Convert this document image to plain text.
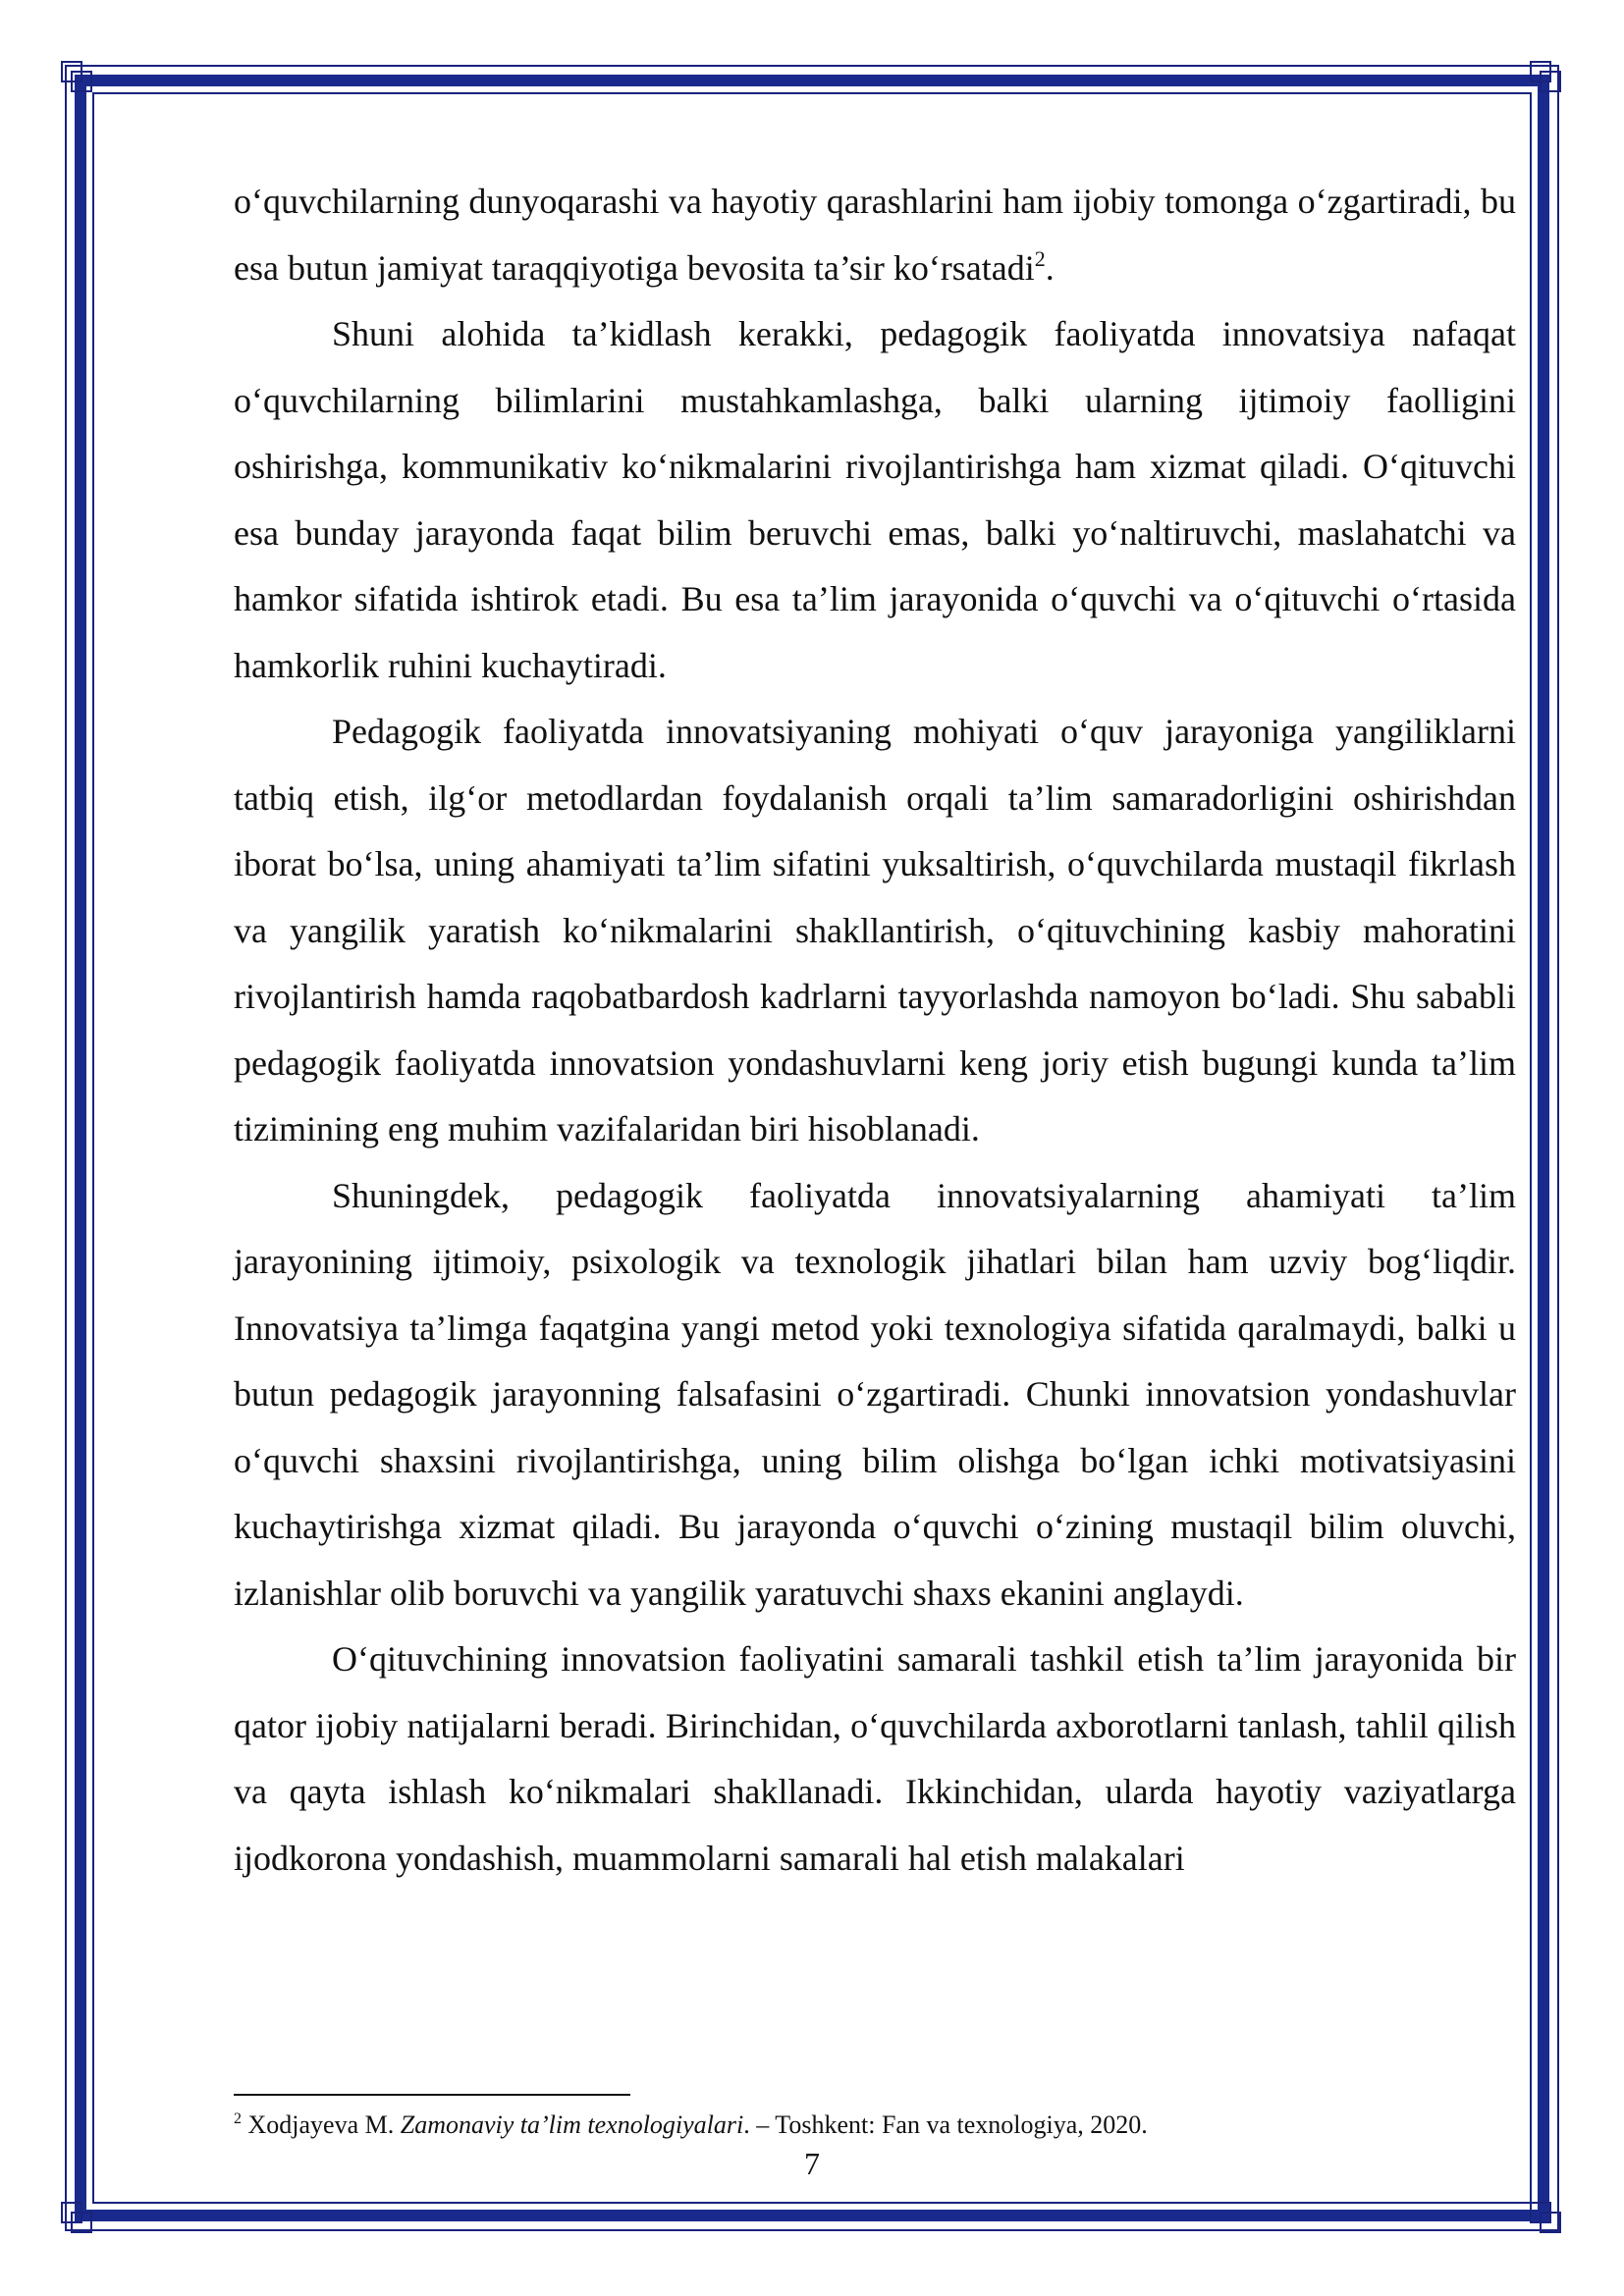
o‘quvchilarning dunyoqarashi va hayotiy qarashlarini ham ijobiy tomonga o‘zgartiradi, bu esa butun jamiyat taraqqiyotiga bevosita ta’sir ko‘rsatadi$^2$.

Shuni alohida ta’kidlash kerakki, pedagogik faoliyatda innovatsiya nafaqat o‘quvchilarning bilimlarini mustahkamlashga, balki ularning ijtimoiy faolligini oshirishga, kommunikativ ko‘nikmalarini rivojlantirishga ham xizmat qiladi. O‘qituvchi esa bunday jarayonda faqat bilim beruvchi emas, balki yo‘naltiruvchi, maslahatchi va hamkor sifatida ishtirok etadi. Bu esa ta’lim jarayonida o‘quvchi va o‘qituvchi o‘rtasida hamkorlik ruhini kuchaytiradi.

Pedagogik faoliyatda innovatsiyaning mohiyati o‘quv jarayoniga yangiliklarni tatbiq etish, ilg‘or metodlardan foydalanish orqali ta’lim samaradorligini oshirishdan iborat bo‘lsa, uning ahamiyati ta’lim sifatini yuksaltirish, o‘quvchilarda mustaqil fikrlash va yangilik yaratish ko‘nikmalarini shakllantirish, o‘qituvchining kasbiy mahoratini rivojlantirish hamda raqobatbardosh kadrlarni tayyorlashda namoyon bo‘ladi. Shu sababli pedagogik faoliyatda innovatsion yondashuvlarni keng joriy etish bugungi kunda ta’lim tizimining eng muhim vazifalaridan biri hisoblanadi.

Shuningdek, pedagogik faoliyatda innovatsiyalarning ahamiyati ta’lim jarayonining ijtimoiy, psixologik va texnologik jihatlari bilan ham uzviy bog‘liqdir. Innovatsiya ta’limga faqatgina yangi metod yoki texnologiya sifatida qaralmaydi, balki u butun pedagogik jarayonning falsafasini o‘zgartiradi. Chunki innovatsion yondashuvlar o‘quvchi shaxsini rivojlantirishga, uning bilim olishga bo‘lgan ichki motivatsiyasini kuchaytirishga xizmat qiladi. Bu jarayonda o‘quvchi o‘zining mustaqil bilim oluvchi, izlanishlar olib boruvchi va yangilik yaratuvchi shaxs ekanini anglaydi.

O‘qituvchining innovatsion faoliyatini samarali tashkil etish ta’lim jarayonida bir qator ijobiy natijalarni beradi. Birinchidan, o‘quvchilarda axborotlarni tanlash, tahlil qilish va qayta ishlash ko‘nikmalari shakllanadi. Ikkinchidan, ularda hayotiy vaziyatlarga ijodkorona yondashish, muammolarni samarali hal etish malakalari

$^2$ Xodjayeva M. Zamonaviy ta’lim texnologiyalari. – Toshkent: Fan va texnologiya, 2020.
7
